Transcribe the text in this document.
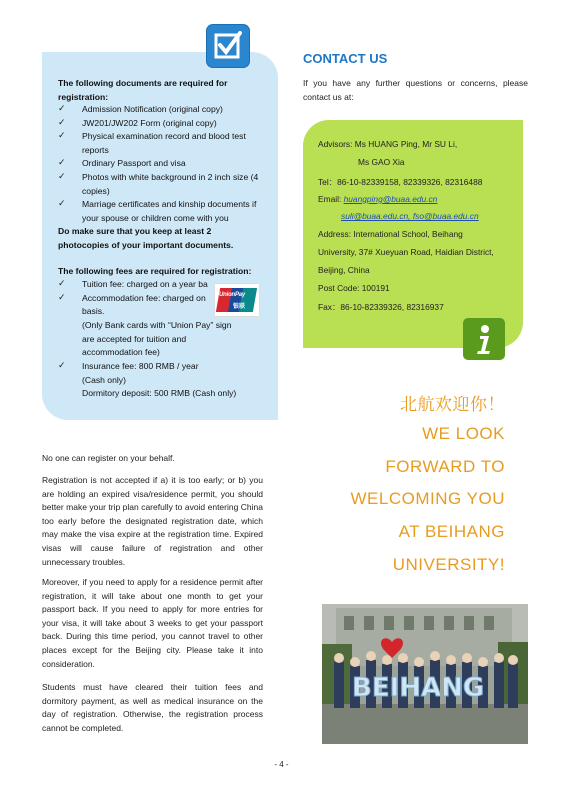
The following documents are required for registration:
✓ Admission Notification (original copy)
✓ JW201/JW202 Form (original copy)
✓ Physical examination record and blood test reports
✓ Ordinary Passport and visa
✓ Photos with white background in 2 inch size (4 copies)
✓ Marriage certificates and kinship documents if your spouse or children come with you
Do make sure that you keep at least 2 photocopies of your important documents.
The following fees are required for registration:
✓ Tuition fee: charged on a year ba
✓ Accommodation fee: charged on
basis.
(Only Bank cards with “Union Pay” sign are accepted for tuition and accommodation fee)
✓ Insurance fee: 800 RMB / year
(Cash only)
Dormitory deposit: 500 RMB (Cash only)
UnionPay
银联
No one can register on your behalf.
Registration is not accepted if a) it is too early; or b) you are holding an expired visa/residence permit, you should better make your trip plan carefully to avoid entering China too early before the designated registration date, which may make the visa expire at the registration time. Expired visas will cause failure of registration and other unnecessary troubles.
Moreover, if you need to apply for a residence permit after registration, it will take about one month to get your passport back. If you need to apply for more entries for your visa, it will take about 3 weeks to get your passport back. During this time period, you cannot travel to other places except for the Beijing city. Please take it into consideration.
Students must have cleared their tuition fees and dormitory payment, as well as medical insurance on the day of registration. Otherwise, the registration process cannot be completed.
CONTACT US
If you have any further questions or concerns, please contact us at:
Advisors: Ms HUANG Ping, Mr SU Li,
Ms GAO Xia
Tel：86-10-82339158, 82339326, 82316488
Email: huangping@buaa.edu.cn
suli@buaa.edu.cn, fso@buaa.edu.cn
Address: International School, Beihang
University, 37# Xueyuan Road, Haidian District,
Beijing, China
Post Code: 100191
Fax：86-10-82339326, 82316937
北航欢迎你！
WE LOOK
FORWARD TO
WELCOMING YOU
AT BEIHANG
UNIVERSITY!
BEIHANG
- 4 -
